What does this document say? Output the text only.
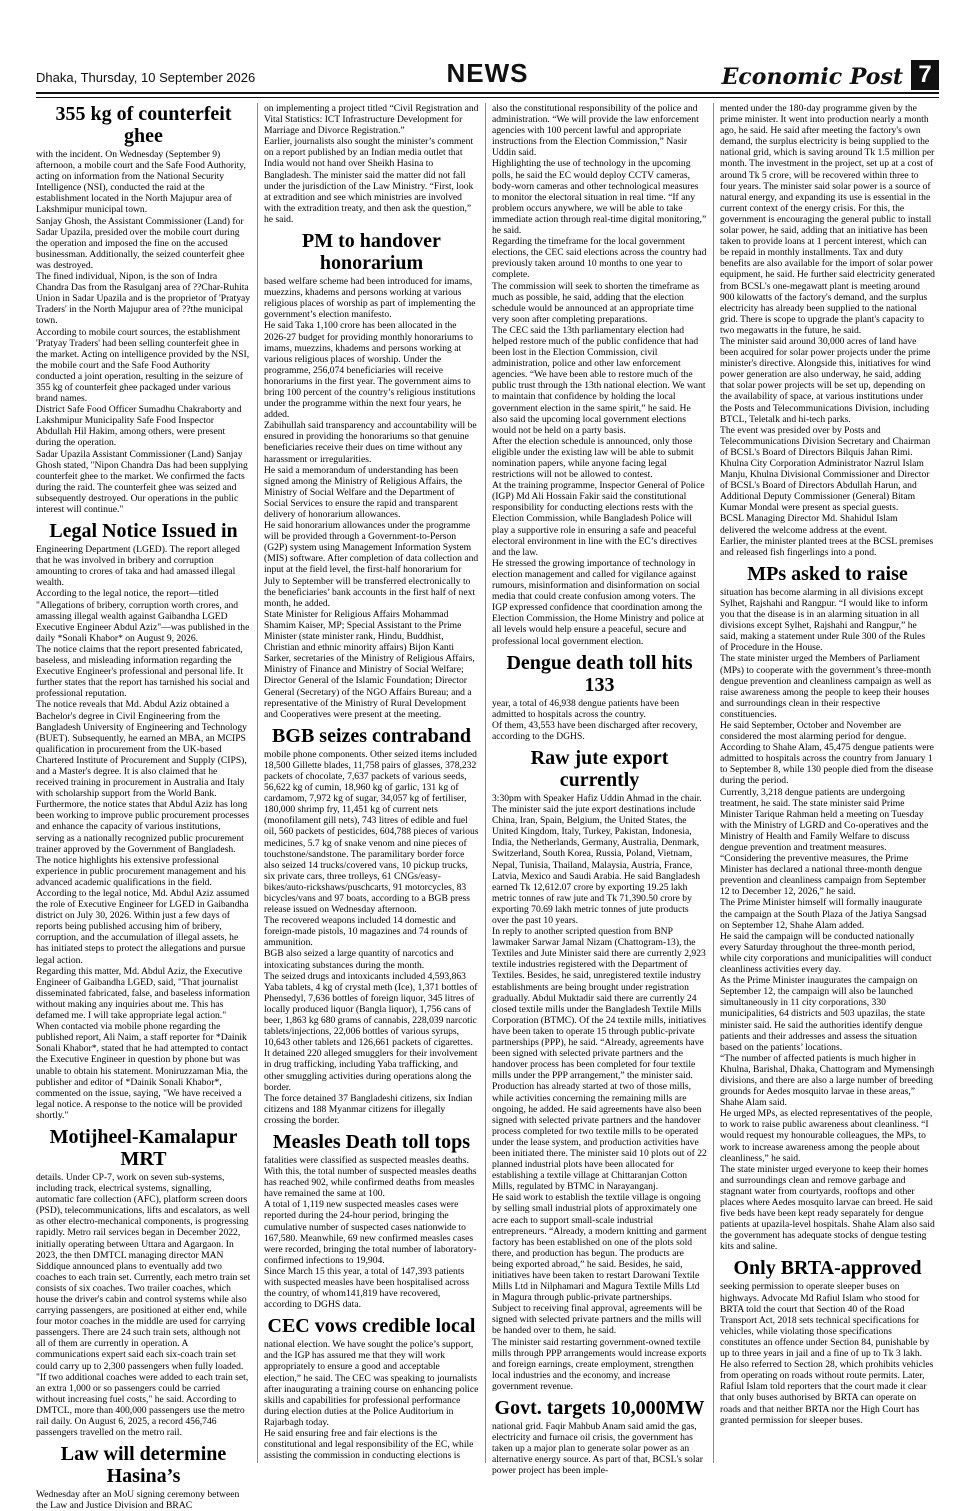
Dhaka, Thursday, 10 September 2026	NEWS	Economic Post 7
355 kg of counterfeit ghee

with the incident. On Wednesday (September 9) afternoon, a mobile court and the Safe Food Authority, acting on information from the National Security Intelligence (NSI), conducted the raid at the establishment located in the North Majupur area of Lakshmipur municipal town.

Sanjay Ghosh, the Assistant Commissioner (Land) for Sadar Upazila, presided over the mobile court during the operation and imposed the fine on the accused businessman. Additionally, the seized counterfeit ghee was destroyed.

The fined individual, Nipon, is the son of Indra Chandra Das from the Rasulganj area of ??Char-Ruhita Union in Sadar Upazila and is the proprietor of 'Pratyay Traders' in the North Majupur area of ??the municipal town.

According to mobile court sources, the establishment 'Pratyay Traders' had been selling counterfeit ghee in the market. Acting on intelligence provided by the NSI, the mobile court and the Safe Food Authority conducted a joint operation, resulting in the seizure of 355 kg of counterfeit ghee packaged under various brand names.

District Safe Food Officer Sumadhu Chakraborty and Lakshmipur Municipality Safe Food Inspector Abdullah Hil Hakim, among others, were present during the operation.

Sadar Upazila Assistant Commissioner (Land) Sanjay Ghosh stated, "Nipon Chandra Das had been supplying counterfeit ghee to the market. We confirmed the facts during the raid. The counterfeit ghee was seized and subsequently destroyed. Our operations in the public interest will continue."

Legal Notice Issued in

Engineering Department (LGED). The report alleged that he was involved in bribery and corruption amounting to crores of taka and had amassed illegal wealth.

According to the legal notice, the report—titled "Allegations of bribery, corruption worth crores, and amassing illegal wealth against Gaibandha LGED Executive Engineer Abdul Aziz"—was published in the daily *Sonali Khabor* on August 9, 2026.

The notice claims that the report presented fabricated, baseless, and misleading information regarding the Executive Engineer's professional and personal life. It further states that the report has tarnished his social and professional reputation.

The notice reveals that Md. Abdul Aziz obtained a Bachelor's degree in Civil Engineering from the Bangladesh University of Engineering and Technology (BUET). Subsequently, he earned an MBA, an MCIPS qualification in procurement from the UK-based Chartered Institute of Procurement and Supply (CIPS), and a Master's degree. It is also claimed that he received training in procurement in Australia and Italy with scholarship support from the World Bank. Furthermore, the notice states that Abdul Aziz has long been working to improve public procurement processes and enhance the capacity of various institutions, serving as a nationally recognized public procurement trainer approved by the Government of Bangladesh. The notice highlights his extensive professional experience in public procurement management and his advanced academic qualifications in the field.

According to the legal notice, Md. Abdul Aziz assumed the role of Executive Engineer for LGED in Gaibandha district on July 30, 2026. Within just a few days of reports being published accusing him of bribery, corruption, and the accumulation of illegal assets, he has initiated steps to protect the allegations and pursue legal action.

Regarding this matter, Md. Abdul Aziz, the Executive Engineer of Gaibandha LGED, said, "That journalist disseminated fabricated, false, and baseless information without making any inquiries about me. This has defamed me. I will take appropriate legal action."

When contacted via mobile phone regarding the published report, Ali Naim, a staff reporter for *Dainik Sonali Khabor*, stated that he had attempted to contact the Executive Engineer in question by phone but was unable to obtain his statement. Moniruzzaman Mia, the publisher and editor of *Dainik Sonali Khabor*, commented on the issue, saying, "We have received a legal notice. A response to the notice will be provided shortly."

Motijheel-Kamalapur MRT

details. Under CP-7, work on seven sub-systems, including track, electrical systems, signalling, automatic fare collection (AFC), platform screen doors (PSD), telecommunications, lifts and escalators, as well as other electro-mechanical components, is progressing rapidly. Metro rail services began in December 2022, initially operating between Uttara and Agargaon. In 2023, the then DMTCL managing director MAN Siddique announced plans to eventually add two coaches to each train set. Currently, each metro train set consists of six coaches. Two trailer coaches, which house the driver's cabin and control systems while also carrying passengers, are positioned at either end, while four motor coaches in the middle are used for carrying passengers. There are 24 such train sets, although not all of them are currently in operation. A communications expert said each six-coach train set could carry up to 2,300 passengers when fully loaded. "If two additional coaches were added to each train set, an extra 1,000 or so passengers could be carried without increasing fuel costs," he said. According to DMTCL, more than 400,000 passengers use the metro rail daily. On August 6, 2025, a record 456,746 passengers travelled on the metro rail.

Law will determine Hasina’s

Wednesday after an MoU signing ceremony between the Law and Justice Division and BRAC

on implementing a project titled “Civil Registration and Vital Statistics: ICT Infrastructure Development for Marriage and Divorce Registration.”

Earlier, journalists also sought the minister’s comment on a report published by an Indian media outlet that India would not hand over Sheikh Hasina to Bangladesh. The minister said the matter did not fall under the jurisdiction of the Law Ministry. “First, look at extradition and see which ministries are involved with the extradition treaty, and then ask the question,” he said.

PM to handover honorarium

based welfare scheme had been introduced for imams, muezzins, khadems and persons working at various religious places of worship as part of implementing the government’s election manifesto.

He said Taka 1,100 crore has been allocated in the 2026-27 budget for providing monthly honorariums to imams, muezzins, khadems and persons working at various religious places of worship. Under the programme, 256,074 beneficiaries will receive honorariums in the first year. The government aims to bring 100 percent of the country’s religious institutions under the programme within the next four years, he added.

Zabihullah said transparency and accountability will be ensured in providing the honorariums so that genuine beneficiaries receive their dues on time without any harassment or irregularities.

He said a memorandum of understanding has been signed among the Ministry of Religious Affairs, the Ministry of Social Welfare and the Department of Social Services to ensure the rapid and transparent delivery of honorarium allowances.

He said honorarium allowances under the programme will be provided through a Government-to-Person (G2P) system using Management Information System (MIS) software. After completion of data collection and input at the field level, the first-half honorarium for July to September will be transferred electronically to the beneficiaries’ bank accounts in the first half of next month, he added.

State Minister for Religious Affairs Mohammad Shamim Kaiser, MP; Special Assistant to the Prime Minister (state minister rank, Hindu, Buddhist, Christian and ethnic minority affairs) Bijon Kanti Sarker, secretaries of the Ministry of Religious Affairs, Ministry of Finance and Ministry of Social Welfare; Director General of the Islamic Foundation; Director General (Secretary) of the NGO Affairs Bureau; and a representative of the Ministry of Rural Development and Cooperatives were present at the meeting.

BGB seizes contraband

mobile phone components. Other seized items included 18,500 Gillette blades, 11,758 pairs of glasses, 378,232 packets of chocolate, 7,637 packets of various seeds, 56,622 kg of cumin, 18,960 kg of garlic, 131 kg of cardamom, 7,972 kg of sugar, 34,057 kg of fertiliser, 180,000 shrimp fry, 11,451 kg of current nets (monofilament gill nets), 743 litres of edible and fuel oil, 560 packets of pesticides, 604,788 pieces of various medicines, 5.7 kg of snake venom and nine pieces of touchstone/sandstone. The paramilitary border force also seized 14 trucks/covered vans, 10 pickup trucks, six private cars, three trolleys, 61 CNGs/easy-bikes/auto-rickshaws/puschcarts, 91 motorcycles, 83 bicycles/vans and 97 boats, according to a BGB press release issued on Wednesday afternoon.

The recovered weapons included 14 domestic and foreign-made pistols, 10 magazines and 74 rounds of ammunition.

BGB also seized a large quantity of narcotics and intoxicating substances during the month.

The seized drugs and intoxicants included 4,593,863 Yaba tablets, 4 kg of crystal meth (Ice), 1,371 bottles of Phensedyl, 7,636 bottles of foreign liquor, 345 litres of locally produced liquor (Bangla liquor), 1,756 cans of beer, 1,863 kg 680 grams of cannabis, 228,039 narcotic tablets/injections, 22,006 bottles of various syrups, 10,643 other tablets and 126,661 packets of cigarettes.

It detained 220 alleged smugglers for their involvement in drug trafficking, including Yaba trafficking, and other smuggling activities during operations along the border.

The force detained 37 Bangladeshi citizens, six Indian citizens and 188 Myanmar citizens for illegally crossing the border.

Measles Death toll tops

fatalities were classified as suspected measles deaths.

With this, the total number of suspected measles deaths has reached 902, while confirmed deaths from measles have remained the same at 100.

A total of 1,119 new suspected measles cases were reported during the 24-hour period, bringing the cumulative number of suspected cases nationwide to 167,580. Meanwhile, 69 new confirmed measles cases were recorded, bringing the total number of laboratory-confirmed infections to 19,904.

Since March 15 this year, a total of 147,393 patients with suspected measles have been hospitalised across the country, of whom141,819 have recovered, according to DGHS data.

CEC vows credible local

national election. We have sought the police’s support, and the IGP has assured me that they will work appropriately to ensure a good and acceptable election,” he said. The CEC was speaking to journalists after inaugurating a training course on enhancing police skills and capabilities for professional performance during election duties at the Police Auditorium in Rajarbagh today.

He said ensuring free and fair elections is the constitutional and legal responsibility of the EC, while assisting the commission in conducting elections is

also the constitutional responsibility of the police and administration. “We will provide the law enforcement agencies with 100 percent lawful and appropriate instructions from the Election Commission,” Nasir Uddin said.

Highlighting the use of technology in the upcoming polls, he said the EC would deploy CCTV cameras, body-worn cameras and other technological measures to monitor the electoral situation in real time. “If any problem occurs anywhere, we will be able to take immediate action through real-time digital monitoring,” he said.

Regarding the timeframe for the local government elections, the CEC said elections across the country had previously taken around 10 months to one year to complete.

The commission will seek to shorten the timeframe as much as possible, he said, adding that the election schedule would be announced at an appropriate time very soon after completing preparations.

The CEC said the 13th parliamentary election had helped restore much of the public confidence that had been lost in the Election Commission, civil administration, police and other law enforcement agencies. “We have been able to restore much of the public trust through the 13th national election. We want to maintain that confidence by holding the local government election in the same spirit,” he said. He also said the upcoming local government elections would not be held on a party basis.

After the election schedule is announced, only those eligible under the existing law will be able to submit nomination papers, while anyone facing legal restrictions will not be allowed to contest.

At the training programme, Inspector General of Police (IGP) Md Ali Hossain Fakir said the constitutional responsibility for conducting elections rests with the Election Commission, while Bangladesh Police will play a supportive role in ensuring a safe and peaceful electoral environment in line with the EC’s directives and the law.

He stressed the growing importance of technology in election management and called for vigilance against rumours, misinformation and disinformation on social media that could create confusion among voters. The IGP expressed confidence that coordination among the Election Commission, the Home Ministry and police at all levels would help ensure a peaceful, secure and professional local government election.

Dengue death toll hits 133

year, a total of 46,938 dengue patients have been admitted to hospitals across the country.

Of them, 43,553 have been discharged after recovery, according to the DGHS.

Raw jute export currently

3:30pm with Speaker Hafiz Uddin Ahmad in the chair. The minister said the jute export destinations include China, Iran, Spain, Belgium, the United States, the United Kingdom, Italy, Turkey, Pakistan, Indonesia, India, the Netherlands, Germany, Australia, Denmark, Switzerland, South Korea, Russia, Poland, Vietnam, Nepal, Tunisia, Thailand, Malaysia, Austria, France, Latvia, Mexico and Saudi Arabia. He said Bangladesh earned Tk 12,612.07 crore by exporting 19.25 lakh metric tonnes of raw jute and Tk 71,390.50 crore by exporting 70.69 lakh metric tonnes of jute products over the past 10 years.

In reply to another scripted question from BNP lawmaker Sarwar Jamal Nizam (Chattogram-13), the Textiles and Jute Minister said there are currently 2,923 textile industries registered with the Department of Textiles. Besides, he said, unregistered textile industry establishments are being brought under registration gradually. Abdul Muktadir said there are currently 24 closed textile mills under the Bangladesh Textile Mills Corporation (BTMC). Of the 24 textile mills, initiatives have been taken to operate 15 through public-private partnerships (PPP), he said. “Already, agreements have been signed with selected private partners and the handover process has been completed for four textile mills under the PPP arrangement,” the minister said. Production has already started at two of those mills, while activities concerning the remaining mills are ongoing, he added. He said agreements have also been signed with selected private partners and the handover process completed for two textile mills to be operated under the lease system, and production activities have been initiated there. The minister said 10 plots out of 22 planned industrial plots have been allocated for establishing a textile village at Chittaranjan Cotton Mills, regulated by BTMC in Narayanganj.

He said work to establish the textile village is ongoing by selling small industrial plots of approximately one acre each to support small-scale industrial entrepreneurs. “Already, a modern knitting and garment factory has been established on one of the plots sold there, and production has begun. The products are being exported abroad,” he said. Besides, he said, initiatives have been taken to restart Darowani Textile Mills Ltd in Nilphamari and Magura Textile Mills Ltd in Magura through public-private partnerships.

Subject to receiving final approval, agreements will be signed with selected private partners and the mills will be handed over to them, he said.

The minister said restarting government-owned textile mills through PPP arrangements would increase exports and foreign earnings, create employment, strengthen local industries and the economy, and increase government revenue.

Govt. targets 10,000MW

national grid. Faqir Mahbub Anam said amid the gas, electricity and furnace oil crisis, the government has taken up a major plan to generate solar power as an alternative energy source. As part of that, BCSL's solar power project has been imple-

mented under the 180-day programme given by the prime minister. It went into production nearly a month ago, he said. He said after meeting the factory's own demand, the surplus electricity is being supplied to the national grid, which is saving around Tk 1.5 million per month. The investment in the project, set up at a cost of around Tk 5 crore, will be recovered within three to four years. The minister said solar power is a source of natural energy, and expanding its use is essential in the current context of the energy crisis. For this, the government is encouraging the general public to install solar power, he said, adding that an initiative has been taken to provide loans at 1 percent interest, which can be repaid in monthly installments. Tax and duty benefits are also available for the import of solar power equipment, he said. He further said electricity generated from BCSL's one-megawatt plant is meeting around 900 kilowatts of the factory's demand, and the surplus electricity has already been supplied to the national grid. There is scope to upgrade the plant's capacity to two megawatts in the future, he said.

The minister said around 30,000 acres of land have been acquired for solar power projects under the prime minister's directive. Alongside this, initiatives for wind power generation are also underway, he said, adding that solar power projects will be set up, depending on the availability of space, at various institutions under the Posts and Telecommunications Division, including BTCL, Teletalk and hi-tech parks.

The event was presided over by Posts and Telecommunications Division Secretary and Chairman of BCSL's Board of Directors Bilquis Jahan Rimi. Khulna City Corporation Administrator Nazrul Islam Manju, Khulna Divisional Commissioner and Director of BCSL's Board of Directors Abdullah Harun, and Additional Deputy Commissioner (General) Bitam Kumar Mondal were present as special guests.

BCSL Managing Director Md. Shahidul Islam delivered the welcome address at the event.

Earlier, the minister planted trees at the BCSL premises and released fish fingerlings into a pond.

MPs asked to raise

situation has become alarming in all divisions except Sylhet, Rajshahi and Rangpur. “I would like to inform you that the disease is in an alarming situation in all divisions except Sylhet, Rajshahi and Rangpur,” he said, making a statement under Rule 300 of the Rules of Procedure in the House.

The state minister urged the Members of Parliament (MPs) to cooperate with the government’s three-month dengue prevention and cleanliness campaign as well as raise awareness among the people to keep their houses and surroundings clean in their respective constituencies.

He said September, October and November are considered the most alarming period for dengue.

According to Shahe Alam, 45,475 dengue patients were admitted to hospitals across the country from January 1 to September 8, while 130 people died from the disease during the period.

Currently, 3,218 dengue patients are undergoing treatment, he said. The state minister said Prime Minister Tarique Rahman held a meeting on Tuesday with the Ministry of LGRD and Co-operatives and the Ministry of Health and Family Welfare to discuss dengue prevention and treatment measures. “Considering the preventive measures, the Prime Minister has declared a national three-month dengue prevention and cleanliness campaign from September 12 to December 12, 2026,” he said.

The Prime Minister himself will formally inaugurate the campaign at the South Plaza of the Jatiya Sangsad on September 12, Shahe Alam added.

He said the campaign will be conducted nationally every Saturday throughout the three-month period, while city corporations and municipalities will conduct cleanliness activities every day.

As the Prime Minister inaugurates the campaign on September 12, the campaign will also be launched simultaneously in 11 city corporations, 330 municipalities, 64 districts and 503 upazilas, the state minister said. He said the authorities identify dengue patients and their addresses and assess the situation based on the patients’ locations.

“The number of affected patients is much higher in Khulna, Barishal, Dhaka, Chattogram and Mymensingh divisions, and there are also a large number of breeding grounds for Aedes mosquito larvae in these areas,” Shahe Alam said.

He urged MPs, as elected representatives of the people, to work to raise public awareness about cleanliness. “I would request my honourable colleagues, the MPs, to work to increase awareness among the people about cleanliness,” he said.

The state minister urged everyone to keep their homes and surroundings clean and remove garbage and stagnant water from courtyards, rooftops and other places where Aedes mosquito larvae can breed. He said five beds have been kept ready separately for dengue patients at upazila-level hospitals. Shahe Alam also said the government has adequate stocks of dengue testing kits and saline.

Only BRTA-approved

seeking permission to operate sleeper buses on highways. Advocate Md Rafiul Islam who stood for BRTA told the court that Section 40 of the Road Transport Act, 2018 sets technical specifications for vehicles, while violating those specifications constitutes an offence under Section 84, punishable by up to three years in jail and a fine of up to Tk 3 lakh.

He also referred to Section 28, which prohibits vehicles from operating on roads without route permits. Later, Rafiul Islam told reporters that the court made it clear that only buses authorised by BRTA can operate on roads and that neither BRTA nor the High Court has granted permission for sleeper buses.
